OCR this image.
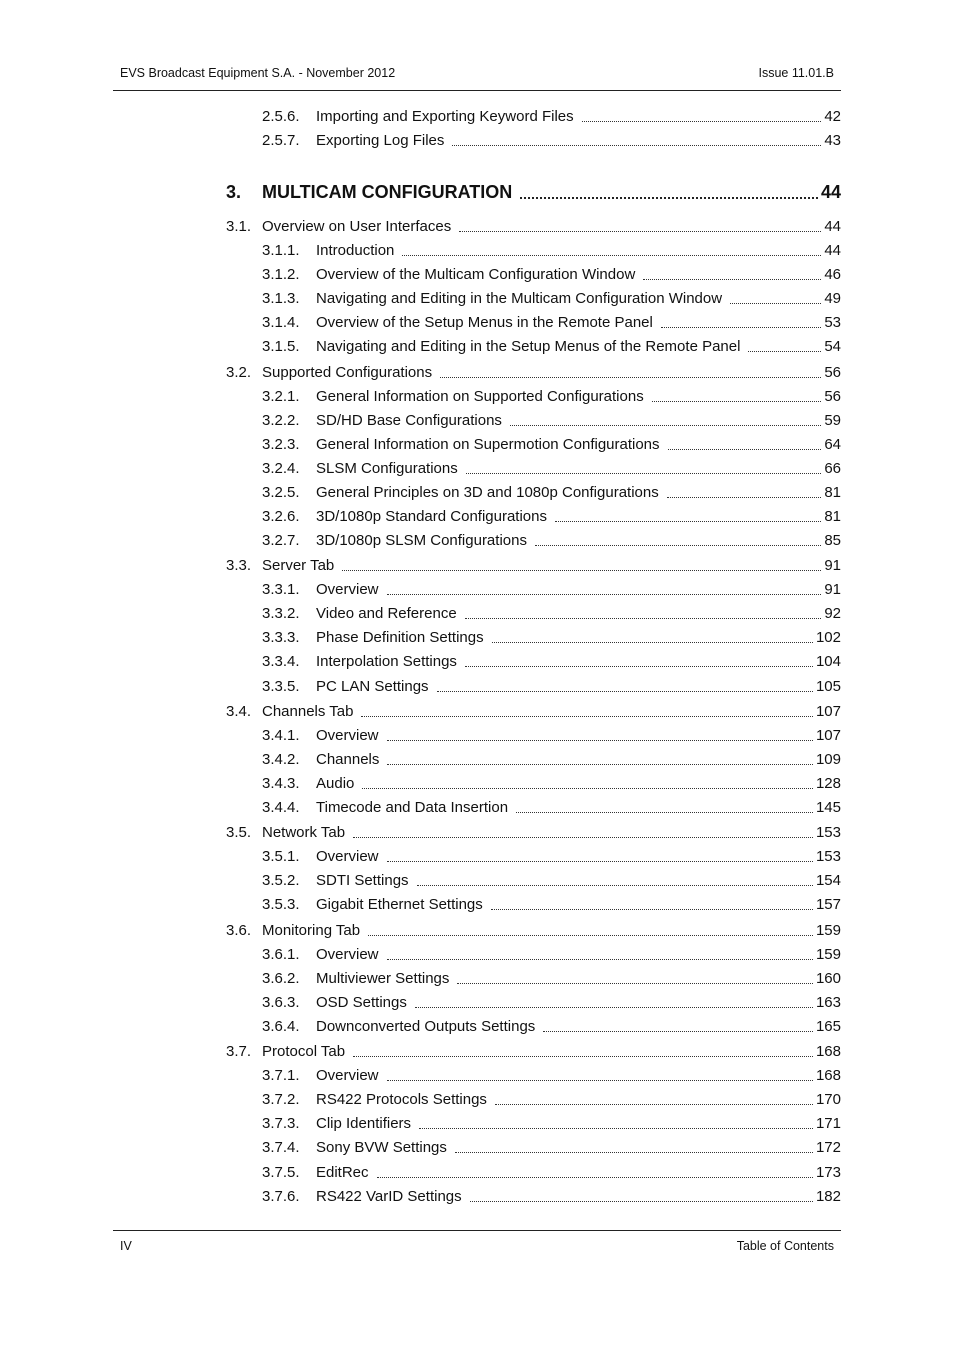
EVS Broadcast Equipment S.A. - November 2012	Issue 11.01.B
2.5.6.	Importing and Exporting Keyword Files	42
2.5.7.	Exporting Log Files	43
3.	MULTICAM CONFIGURATION	44
3.1. Overview on User Interfaces	44
3.1.1.	Introduction	44
3.1.2.	Overview of the Multicam Configuration Window	46
3.1.3.	Navigating and Editing in the Multicam Configuration Window	49
3.1.4.	Overview of the Setup Menus in the Remote Panel	53
3.1.5.	Navigating and Editing in the Setup Menus of the Remote Panel	54
3.2. Supported Configurations	56
3.2.1.	General Information on Supported Configurations	56
3.2.2.	SD/HD Base Configurations	59
3.2.3.	General Information on Supermotion Configurations	64
3.2.4.	SLSM Configurations	66
3.2.5.	General Principles on 3D and 1080p Configurations	81
3.2.6.	3D/1080p Standard Configurations	81
3.2.7.	3D/1080p SLSM Configurations	85
3.3. Server Tab	91
3.3.1.	Overview	91
3.3.2.	Video and Reference	92
3.3.3.	Phase Definition Settings	102
3.3.4.	Interpolation Settings	104
3.3.5.	PC LAN Settings	105
3.4. Channels Tab	107
3.4.1.	Overview	107
3.4.2.	Channels	109
3.4.3.	Audio	128
3.4.4.	Timecode and Data Insertion	145
3.5. Network Tab	153
3.5.1.	Overview	153
3.5.2.	SDTI Settings	154
3.5.3.	Gigabit Ethernet Settings	157
3.6. Monitoring Tab	159
3.6.1.	Overview	159
3.6.2.	Multiviewer Settings	160
3.6.3.	OSD Settings	163
3.6.4.	Downconverted Outputs Settings	165
3.7. Protocol Tab	168
3.7.1.	Overview	168
3.7.2.	RS422 Protocols Settings	170
3.7.3.	Clip Identifiers	171
3.7.4.	Sony BVW Settings	172
3.7.5.	EditRec	173
3.7.6.	RS422 VarID Settings	182
IV	Table of Contents
